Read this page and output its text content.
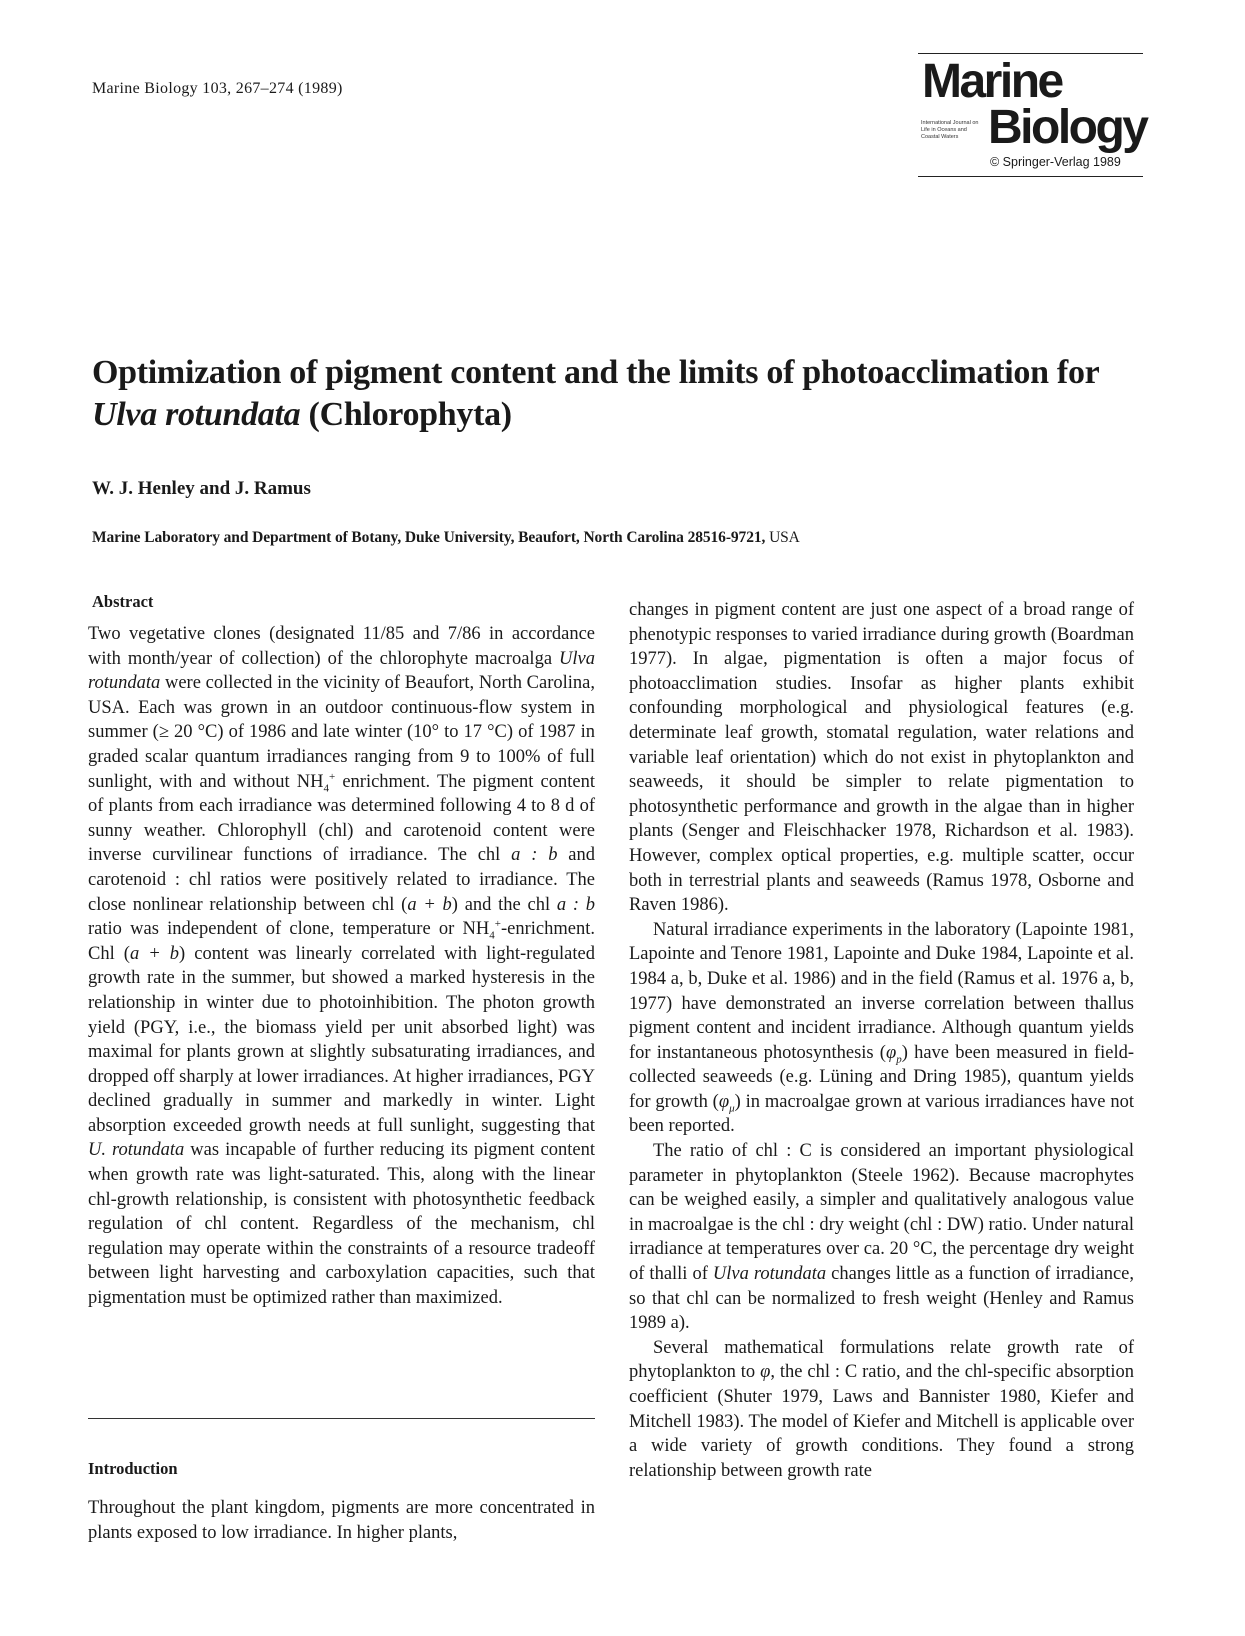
Marine Biology 103, 267–274 (1989)	Marine
International Journal on Life in Oceans and Coastal Waters Biology
© Springer-Verlag 1989
Optimization of pigment content and the limits of photoacclimation for Ulva rotundata (Chlorophyta)
W. J. Henley and J. Ramus
Marine Laboratory and Department of Botany, Duke University, Beaufort, North Carolina 28516-9721, USA
Abstract

Two vegetative clones (designated 11/85 and 7/86 in accordance with month/year of collection) of the chlorophyte macroalga Ulva rotundata were collected in the vicinity of Beaufort, North Carolina, USA. Each was grown in an outdoor continuous-flow system in summer (≥ 20 °C) of 1986 and late winter (10° to 17 °C) of 1987 in graded scalar quantum irradiances ranging from 9 to 100% of full sunlight, with and without $NH_4^+$ enrichment. The pigment content of plants from each irradiance was determined following 4 to 8 d of sunny weather. Chlorophyll (chl) and carotenoid content were inverse curvilinear functions of irradiance. The chl a : b and carotenoid : chl ratios were positively related to irradiance. The close nonlinear relationship between chl (a + b) and the chl a : b ratio was independent of clone, temperature or $NH_4^+$-enrichment. Chl (a + b) content was linearly correlated with light-regulated growth rate in the summer, but showed a marked hysteresis in the relationship in winter due to photoinhibition. The photon growth yield (PGY, i.e., the biomass yield per unit absorbed light) was maximal for plants grown at slightly subsaturating irradiances, and dropped off sharply at lower irradiances. At higher irradiances, PGY declined gradually in summer and markedly in winter. Light absorption exceeded growth needs at full sunlight, suggesting that U. rotundata was incapable of further reducing its pigment content when growth rate was light-saturated. This, along with the linear chl-growth relationship, is consistent with photosynthetic feedback regulation of chl content. Regardless of the mechanism, chl regulation may operate within the constraints of a resource tradeoff between light harvesting and carboxylation capacities, such that pigmentation must be optimized rather than maximized.

Introduction

Throughout the plant kingdom, pigments are more concentrated in plants exposed to low irradiance. In higher plants,

changes in pigment content are just one aspect of a broad range of phenotypic responses to varied irradiance during growth (Boardman 1977). In algae, pigmentation is often a major focus of photoacclimation studies. Insofar as higher plants exhibit confounding morphological and physiological features (e.g. determinate leaf growth, stomatal regulation, water relations and variable leaf orientation) which do not exist in phytoplankton and seaweeds, it should be simpler to relate pigmentation to photosynthetic performance and growth in the algae than in higher plants (Senger and Fleischhacker 1978, Richardson et al. 1983). However, complex optical properties, e.g. multiple scatter, occur both in terrestrial plants and seaweeds (Ramus 1978, Osborne and Raven 1986).

Natural irradiance experiments in the laboratory (Lapointe 1981, Lapointe and Tenore 1981, Lapointe and Duke 1984, Lapointe et al. 1984 a, b, Duke et al. 1986) and in the field (Ramus et al. 1976 a, b, 1977) have demonstrated an inverse correlation between thallus pigment content and incident irradiance. Although quantum yields for instantaneous photosynthesis $(\varphi_p)$ have been measured in field-collected seaweeds (e.g. Lüning and Dring 1985), quantum yields for growth $(\varphi_\mu)$ in macroalgae grown at various irradiances have not been reported.

The ratio of chl : C is considered an important physiological parameter in phytoplankton (Steele 1962). Because macrophytes can be weighed easily, a simpler and qualitatively analogous value in macroalgae is the chl : dry weight (chl : DW) ratio. Under natural irradiance at temperatures over ca. 20 °C, the percentage dry weight of thalli of Ulva rotundata changes little as a function of irradiance, so that chl can be normalized to fresh weight (Henley and Ramus 1989 a).

Several mathematical formulations relate growth rate of phytoplankton to φ, the chl : C ratio, and the chl-specific absorption coefficient (Shuter 1979, Laws and Bannister 1980, Kiefer and Mitchell 1983). The model of Kiefer and Mitchell is applicable over a wide variety of growth conditions. They found a strong relationship between growth rate
